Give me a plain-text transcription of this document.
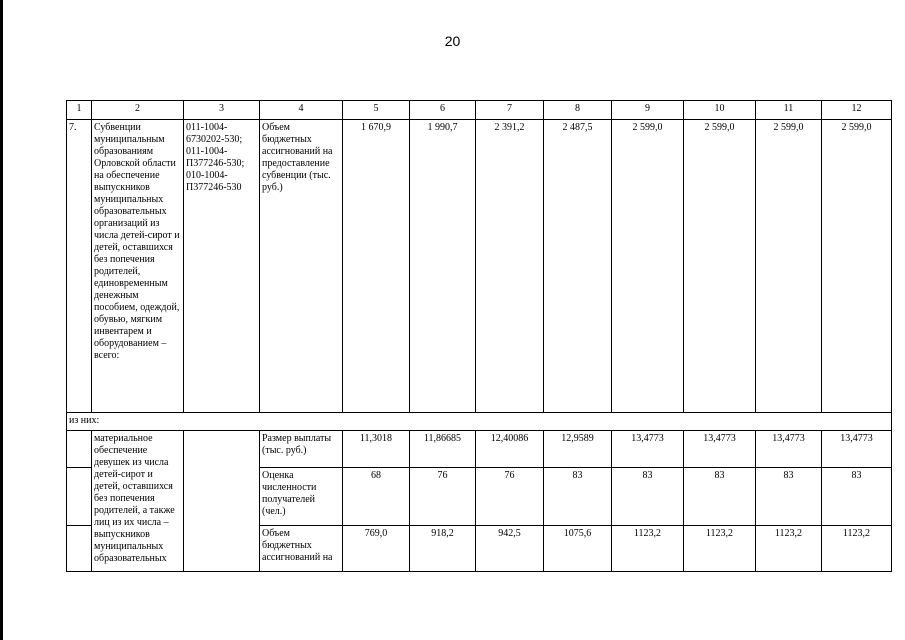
20
1	2	3	4	5	6	7	8	9	10	11	12
7.	Субвенции муниципальным образованиям Орловской области на обеспечение выпускников муниципальных образовательных организаций из числа детей-сирот и детей, оставшихся без попечения родителей, единовременным денежным пособием, одеждой, обувью, мягким инвентарем и оборудованием – всего:	011-1004-6730202-530; 011-1004-П377246-530; 010-1004-П377246-530	Объем бюджетных ассигнований на предоставление субвенции (тыс. руб.)	1 670,9	1 990,7	2 391,2	2 487,5	2 599,0	2 599,0	2 599,0	2 599,0
из них:											
	материальное обеспечение девушек из числа детей-сирот и детей, оставшихся без попечения родителей, а также лиц из их числа – выпускников муниципальных образовательных		Размер выплаты (тыс. руб.)	11,3018	11,86685	12,40086	12,9589	13,4773	13,4773	13,4773	13,4773
			Оценка численности получателей (чел.)	68	76	76	83	83	83	83	83
			Объем бюджетных ассигнований на	769,0	918,2	942,5	1075,6	1123,2	1123,2	1123,2	1123,2
